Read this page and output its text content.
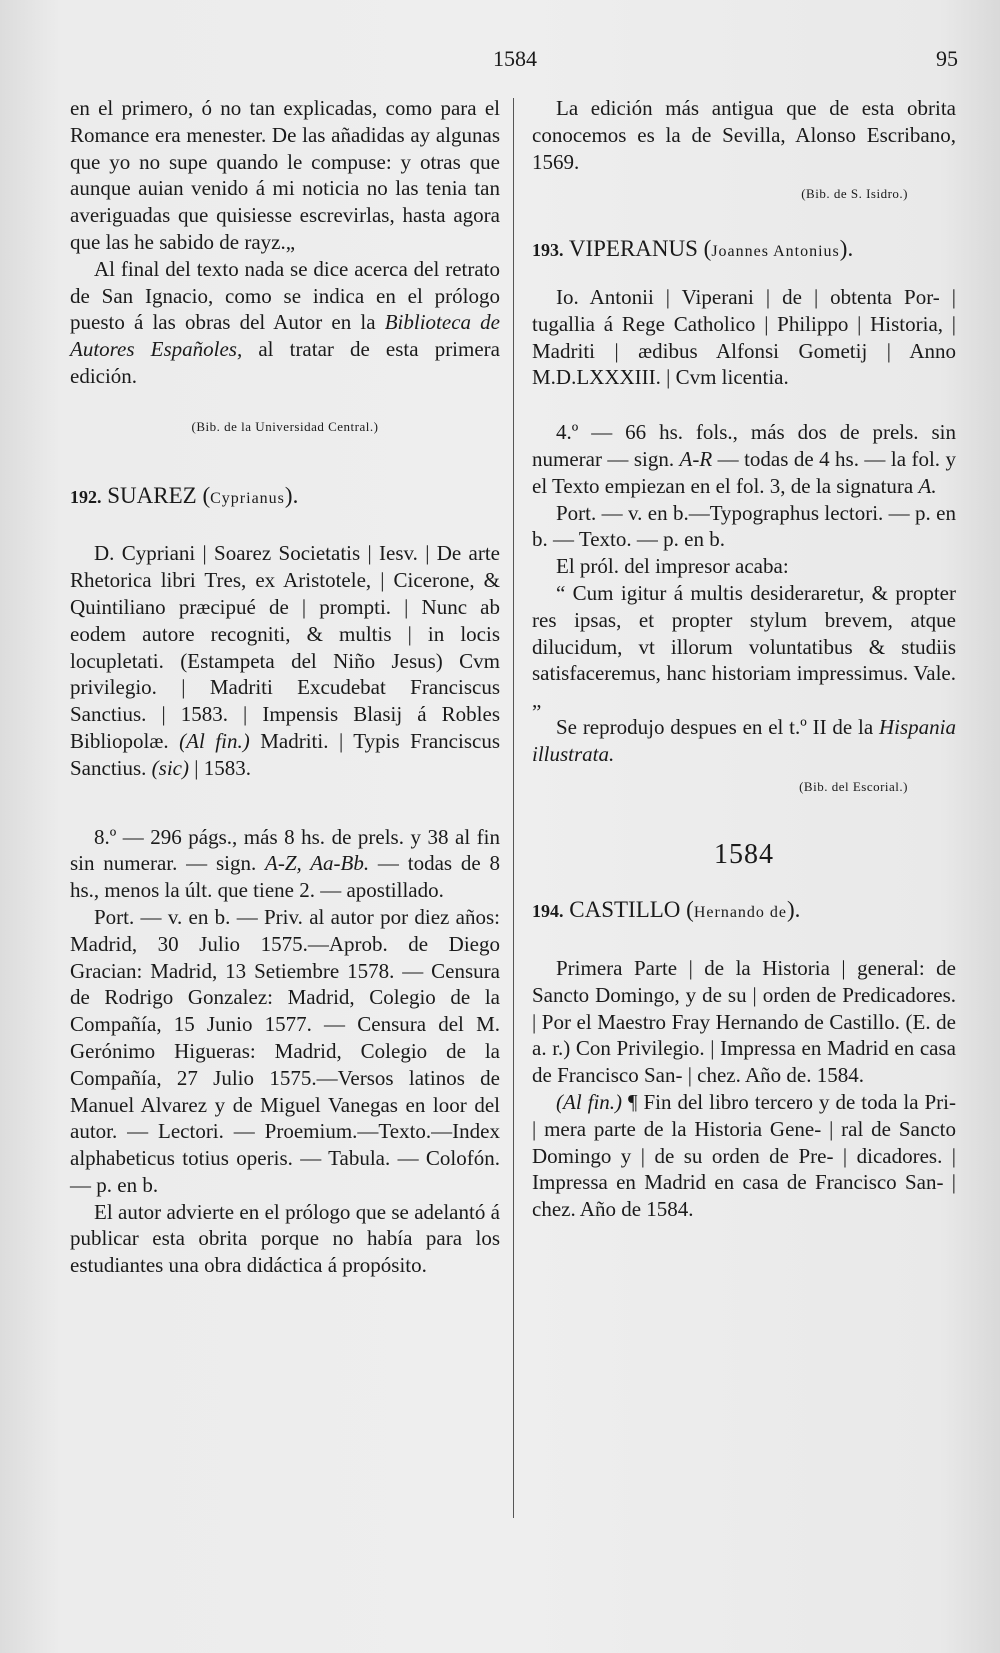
1584	95

en el primero, ó no tan explicadas, como para el Romance era menester. De las añadidas ay algunas que yo no supe quando le compuse: y otras que aunque auian venido á mi noticia no las tenia tan averiguadas que quisiesse escrevirlas, hasta agora que las he sabido de rayz.„

Al final del texto nada se dice acerca del retrato de San Ignacio, como se indica en el prólogo puesto á las obras del Autor en la Biblioteca de Autores Españoles, al tratar de esta primera edición.

(Bib. de la Universidad Central.)

192. SUAREZ (Cyprianus).

D. Cypriani | Soarez Societatis | Iesv. | De arte Rhetorica libri Tres, ex Aristotele, | Cicerone, & Quintiliano præcipué de | prompti. | Nunc ab eodem autore recogniti, & multis | in locis locupletati. (Estampeta del Niño Jesus) Cvm privilegio. | Madriti Excudebat Franciscus Sanctius. | 1583. | Impensis Blasij á Robles Bibliopolæ. (Al fin.) Madriti. | Typis Franciscus Sanctius. (sic) | 1583.

8.º — 296 págs., más 8 hs. de prels. y 38 al fin sin numerar. — sign. A-Z, Aa-Bb. — todas de 8 hs., menos la últ. que tiene 2. — apostillado.

Port. — v. en b. — Priv. al autor por diez años: Madrid, 30 Julio 1575.—Aprob. de Diego Gracian: Madrid, 13 Setiembre 1578. — Censura de Rodrigo Gonzalez: Madrid, Colegio de la Compañía, 15 Junio 1577. — Censura del M. Gerónimo Higueras: Madrid, Colegio de la Compañía, 27 Julio 1575.—Versos latinos de Manuel Alvarez y de Miguel Vanegas en loor del autor. — Lectori. — Proemium.—Texto.—Index alphabeticus totius operis. — Tabula. — Colofón. — p. en b.

El autor advierte en el prólogo que se adelantó á publicar esta obrita porque no había para los estudiantes una obra didáctica á propósito.

La edición más antigua que de esta obrita conocemos es la de Sevilla, Alonso Escribano, 1569.

(Bib. de S. Isidro.)

193. VIPERANUS (Joannes Antonius).

Io. Antonii | Viperani | de | obtenta Por- | tugallia á Rege Catholico | Philippo | Historia, | Madriti | ædibus Alfonsi Gometij | Anno M.D.LXXXIII. | Cvm licentia.

4.º — 66 hs. fols., más dos de prels. sin numerar — sign. A-R — todas de 4 hs. — la fol. y el Texto empiezan en el fol. 3, de la signatura A.

Port. — v. en b.—Typographus lectori. — p. en b. — Texto. — p. en b.

El pról. del impresor acaba:

“ Cum igitur á multis desideraretur, & propter res ipsas, et propter stylum brevem, atque dilucidum, vt illorum voluntatibus & studiis satisfaceremus, hanc historiam impressimus. Vale. „

Se reprodujo despues en el t.º II de la Hispania illustrata.

(Bib. del Escorial.)

1584

194. CASTILLO (Hernando de).

Primera Parte | de la Historia | general: de Sancto Domingo, y de su | orden de Predicadores. | Por el Maestro Fray Hernando de Castillo. (E. de a. r.) Con Privilegio. | Impressa en Madrid en casa de Francisco San- | chez. Año de. 1584.

(Al fin.) ¶ Fin del libro tercero y de toda la Pri- | mera parte de la Historia Gene- | ral de Sancto Domingo y | de su orden de Pre- | dicadores. | Impressa en Madrid en casa de Francisco San- | chez. Año de 1584.
